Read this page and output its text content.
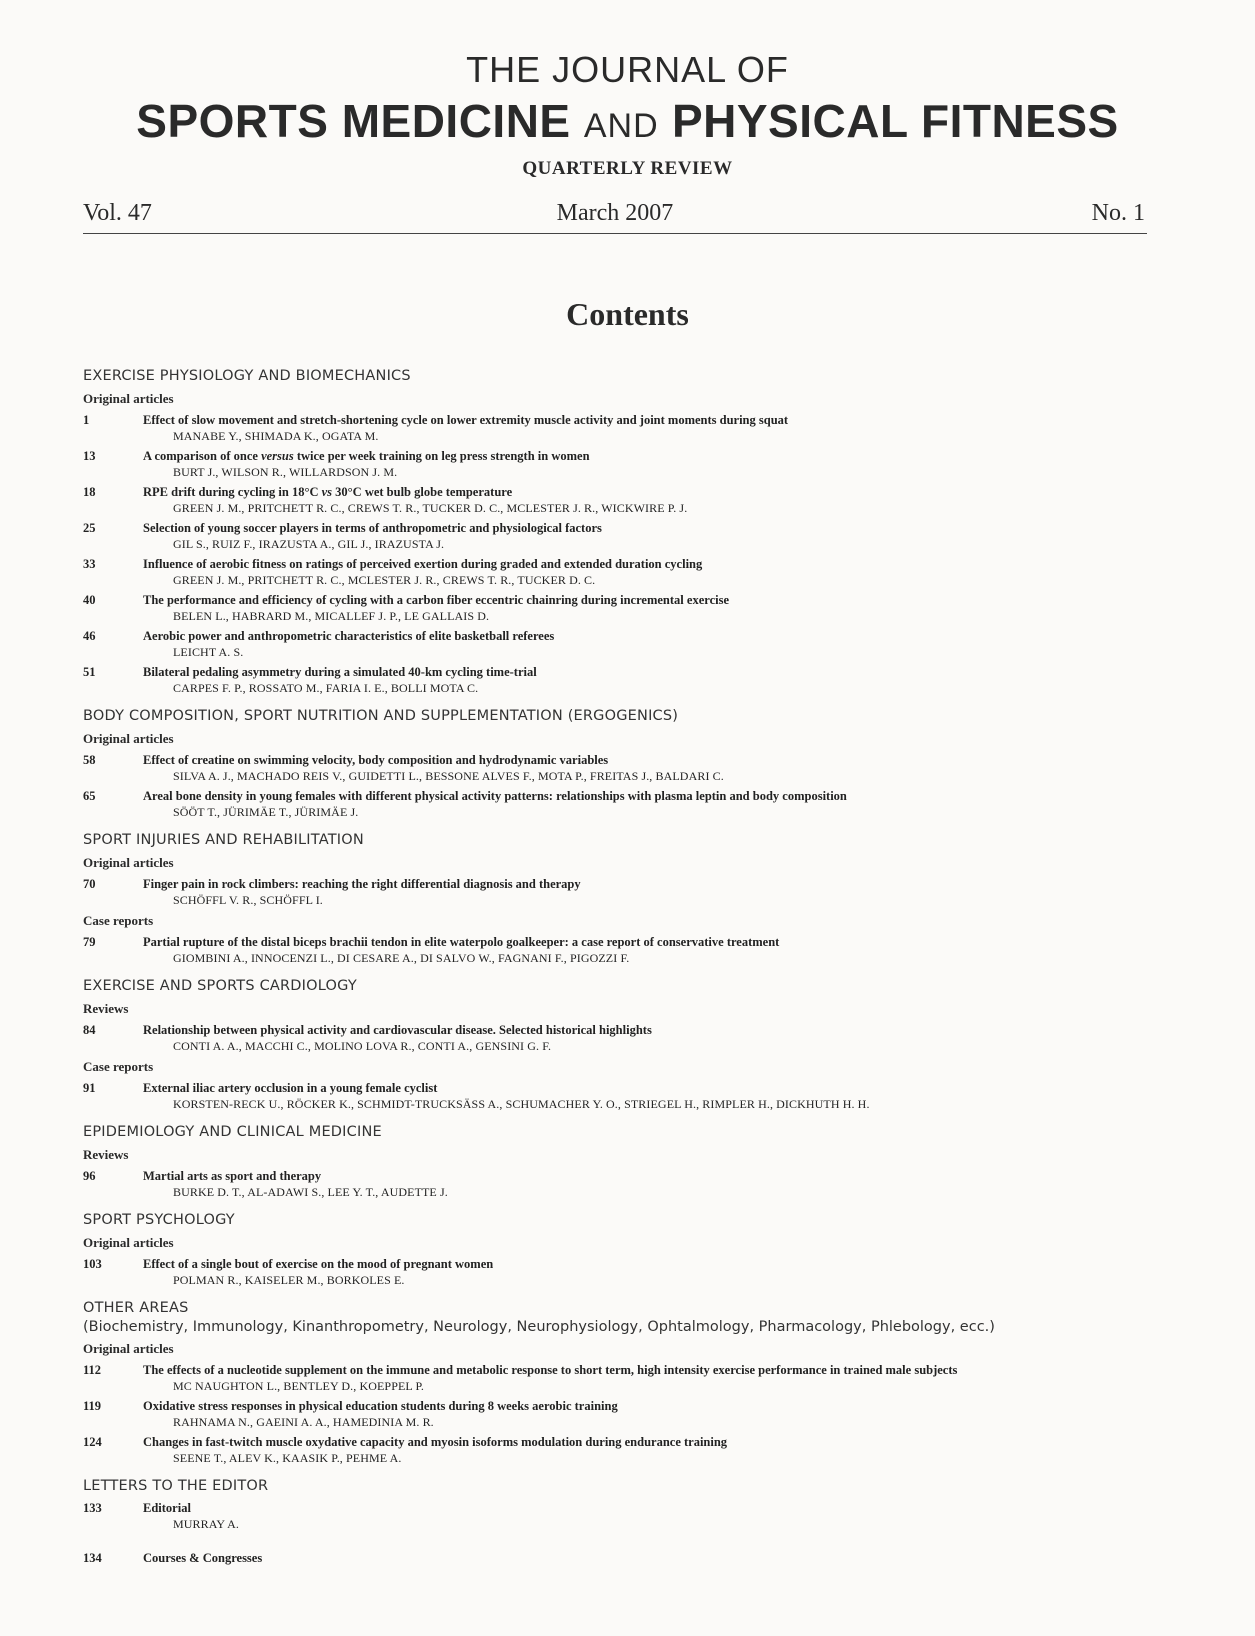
THE JOURNAL OF
SPORTS MEDICINE AND PHYSICAL FITNESS
QUARTERLY REVIEW
Vol. 47	March 2007	No. 1
Contents
EXERCISE PHYSIOLOGY AND BIOMECHANICS
Original articles
1	Effect of slow movement and stretch-shortening cycle on lower extremity muscle activity and joint moments during squat
MANABE Y., SHIMADA K., OGATA M.
13	A comparison of once versus twice per week training on leg press strength in women
BURT J., WILSON R., WILLARDSON J. M.
18	RPE drift during cycling in 18°C vs 30°C wet bulb globe temperature
GREEN J. M., PRITCHETT R. C., CREWS T. R., TUCKER D. C., MCLESTER J. R., WICKWIRE P. J.
25	Selection of young soccer players in terms of anthropometric and physiological factors
GIL S., RUIZ F., IRAZUSTA A., GIL J., IRAZUSTA J.
33	Influence of aerobic fitness on ratings of perceived exertion during graded and extended duration cycling
GREEN J. M., PRITCHETT R. C., MCLESTER J. R., CREWS T. R., TUCKER D. C.
40	The performance and efficiency of cycling with a carbon fiber eccentric chainring during incremental exercise
BELEN L., HABRARD M., MICALLEF J. P., LE GALLAIS D.
46	Aerobic power and anthropometric characteristics of elite basketball referees
LEICHT A. S.
51	Bilateral pedaling asymmetry during a simulated 40-km cycling time-trial
CARPES F. P., ROSSATO M., FARIA I. E., BOLLI MOTA C.
BODY COMPOSITION, SPORT NUTRITION AND SUPPLEMENTATION (ERGOGENICS)
Original articles
58	Effect of creatine on swimming velocity, body composition and hydrodynamic variables
SILVA A. J., MACHADO REIS V., GUIDETTI L., BESSONE ALVES F., MOTA P., FREITAS J., BALDARI C.
65	Areal bone density in young females with different physical activity patterns: relationships with plasma leptin and body composition
SÖÖT T., JÜRIMÄE T., JÜRIMÄE J.
SPORT INJURIES AND REHABILITATION
Original articles
70	Finger pain in rock climbers: reaching the right differential diagnosis and therapy
SCHÖFFL V. R., SCHÖFFL I.
Case reports
79	Partial rupture of the distal biceps brachii tendon in elite waterpolo goalkeeper: a case report of conservative treatment
GIOMBINI A., INNOCENZI L., DI CESARE A., DI SALVO W., FAGNANI F., PIGOZZI F.
EXERCISE AND SPORTS CARDIOLOGY
Reviews
84	Relationship between physical activity and cardiovascular disease. Selected historical highlights
CONTI A. A., MACCHI C., MOLINO LOVA R., CONTI A., GENSINI G. F.
Case reports
91	External iliac artery occlusion in a young female cyclist
KORSTEN-RECK U., RÖCKER K., SCHMIDT-TRUCKSÄSS A., SCHUMACHER Y. O., STRIEGEL H., RIMPLER H., DICKHUTH H. H.
EPIDEMIOLOGY AND CLINICAL MEDICINE
Reviews
96	Martial arts as sport and therapy
BURKE D. T., AL-ADAWI S., LEE Y. T., AUDETTE J.
SPORT PSYCHOLOGY
Original articles
103	Effect of a single bout of exercise on the mood of pregnant women
POLMAN R., KAISELER M., BORKOLES E.
OTHER AREAS
(Biochemistry, Immunology, Kinanthropometry, Neurology, Neurophysiology, Ophtalmology, Pharmacology, Phlebology, ecc.)
Original articles
112	The effects of a nucleotide supplement on the immune and metabolic response to short term, high intensity exercise performance in trained male subjects
MC NAUGHTON L., BENTLEY D., KOEPPEL P.
119	Oxidative stress responses in physical education students during 8 weeks aerobic training
RAHNAMA N., GAEINI A. A., HAMEDINIA M. R.
124	Changes in fast-twitch muscle oxydative capacity and myosin isoforms modulation during endurance training
SEENE T., ALEV K., KAASIK P., PEHME A.
LETTERS TO THE EDITOR
133	Editorial
MURRAY A.
134	Courses & Congresses
